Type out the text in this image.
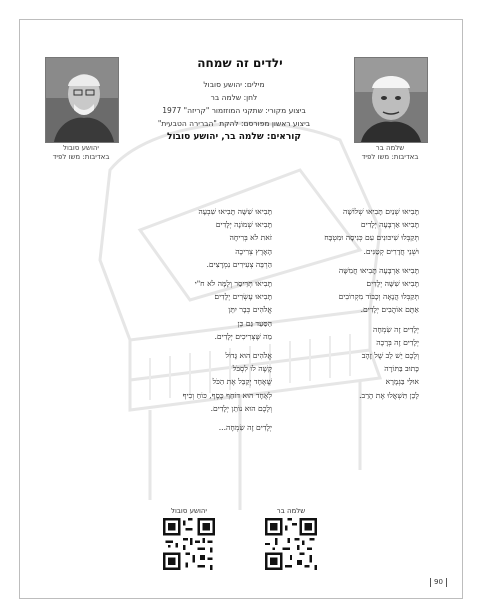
יהושע סובול
באדיבות: משו לפיד
שלמה בר
באדיבות: משו לפיד
ילדים זה שמחה
מילים: יהושע סובול
לחן: שלמה בר
ביצוע מקורי: שתקני המוזזמור "קריזה" 1977
ביצוע ראשון מפורסם: להקת "הברירה הטבעית"
קוראים: שלמה בר, יהושע סובול
תָּבִיאוּ שְׁנַיִם תָּבִיאוּ שְׁלוֹשָׁה
תָּבִיאוּ אַרְבָּעָה יְלָדִים
תְּקַבְּלוּ שִׁיכּוּנִים עִם כְּנִיסָה וּמִטְבָּח
וּשְׁנֵי חֲדָרִים קְטַנִּים.
תָּבִיאוּ אַרְבָּעָה תָּבִיאוּ חֲמִשָּׁה
תָּבִיאוּ שִׁשָּׁה יְלָדִים
תְּקַבְּלוּ הֲנָאָה וְכָבוֹד מִקְרוֹבִים
אַתֶּם אוֹהֲבִים יְלָדִים.
יְלָדִים זֶה שִׂמְחָה
יְלָדִים זֶה בְּרָכָה
וְלָכֶם יֵשׁ לֵב שֶׁל זָהָב
כָּתוּב בַּתּוֹרָה
אוּלַי בַּגְּמָרָא
לָכֵן תִּשְׁאֲלוּ אֶת הָרַב.
תָּבִיאוּ שִׁשָּׁה תָּבִיאוּ שִׁבְעָה
תָּבִיאוּ שְׁמוֹנָה יְלָדִים
זֹאת לֹא בְּרִיחָה
הָאָרֶץ צְרִיכָה
הַרְבֵּה צְעִירִים נִמְרָצִים.
תָּבִיאוּ תְּרֵיסַר וְלָמָּה לֹא ח"י
תָּבִיאוּ עֶשְׂרִים יְלָדִים
אֱלֹהִים כְּבָר יִתֵּן
הַסַּעַד גַּם כֵּן
מַה שֶּׁצְּרִיכִים יְלָדִים.
אֱלֹהִים הוּא גָּדוֹל
קָשֶׁה לוֹ לִסְבֹּל
שֶׁאֶחָד יְקַבֵּל אֶת הַכֹּל
לְאֶחָד הוּא דוֹחֵף כֶּסֶף, כּוֹחַ וְכִיף
וְלָכֶם הוּא נוֹתֵן יְלָדִים.
יְלָדִים זֶה שִׂמְחָה...
יהושע סובול	שלמה בר
90
